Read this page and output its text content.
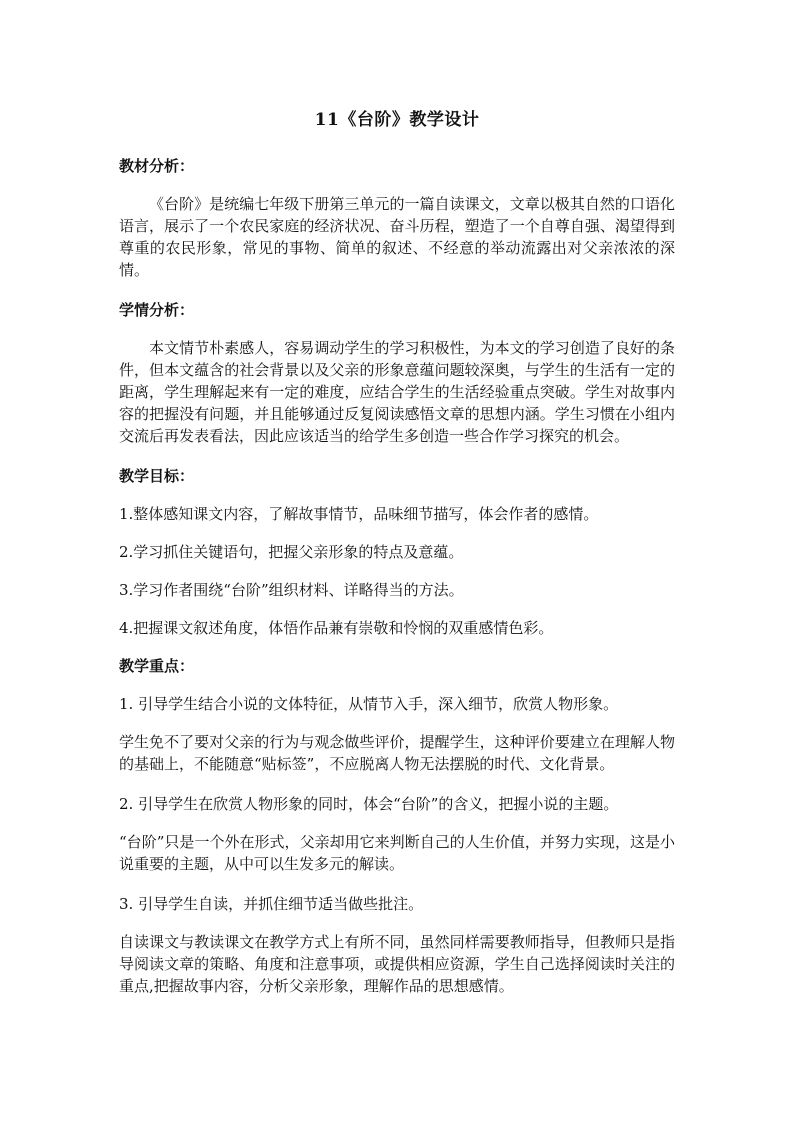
11《台阶》教学设计
教材分析：
《台阶》是统编七年级下册第三单元的一篇自读课文，文章以极其自然的口语化语言，展示了一个农民家庭的经济状况、奋斗历程，塑造了一个自尊自强、渴望得到尊重的农民形象，常见的事物、简单的叙述、不经意的举动流露出对父亲浓浓的深情。
学情分析：
本文情节朴素感人，容易调动学生的学习积极性，为本文的学习创造了良好的条件，但本文蕴含的社会背景以及父亲的形象意蕴问题较深奥，与学生的生活有一定的距离，学生理解起来有一定的难度，应结合学生的生活经验重点突破。学生对故事内容的把握没有问题，并且能够通过反复阅读感悟文章的思想内涵。学生习惯在小组内交流后再发表看法，因此应该适当的给学生多创造一些合作学习探究的机会。
教学目标：
1.整体感知课文内容，了解故事情节，品味细节描写，体会作者的感情。
2.学习抓住关键语句，把握父亲形象的特点及意蕴。
3.学习作者围绕“台阶”组织材料、详略得当的方法。
4.把握课文叙述角度，体悟作品兼有崇敬和怜悯的双重感情色彩。
教学重点：
1. 引导学生结合小说的文体特征，从情节入手，深入细节，欣赏人物形象。
学生免不了要对父亲的行为与观念做些评价，提醒学生，这种评价要建立在理解人物的基础上，不能随意“贴标签”，不应脱离人物无法摆脱的时代、文化背景。
2. 引导学生在欣赏人物形象的同时，体会“台阶”的含义，把握小说的主题。
“台阶”只是一个外在形式，父亲却用它来判断自己的人生价值，并努力实现，这是小说重要的主题，从中可以生发多元的解读。
3. 引导学生自读，并抓住细节适当做些批注。
自读课文与教读课文在教学方式上有所不同，虽然同样需要教师指导，但教师只是指导阅读文章的策略、角度和注意事项，或提供相应资源，学生自己选择阅读时关注的重点,把握故事内容，分析父亲形象，理解作品的思想感情。
